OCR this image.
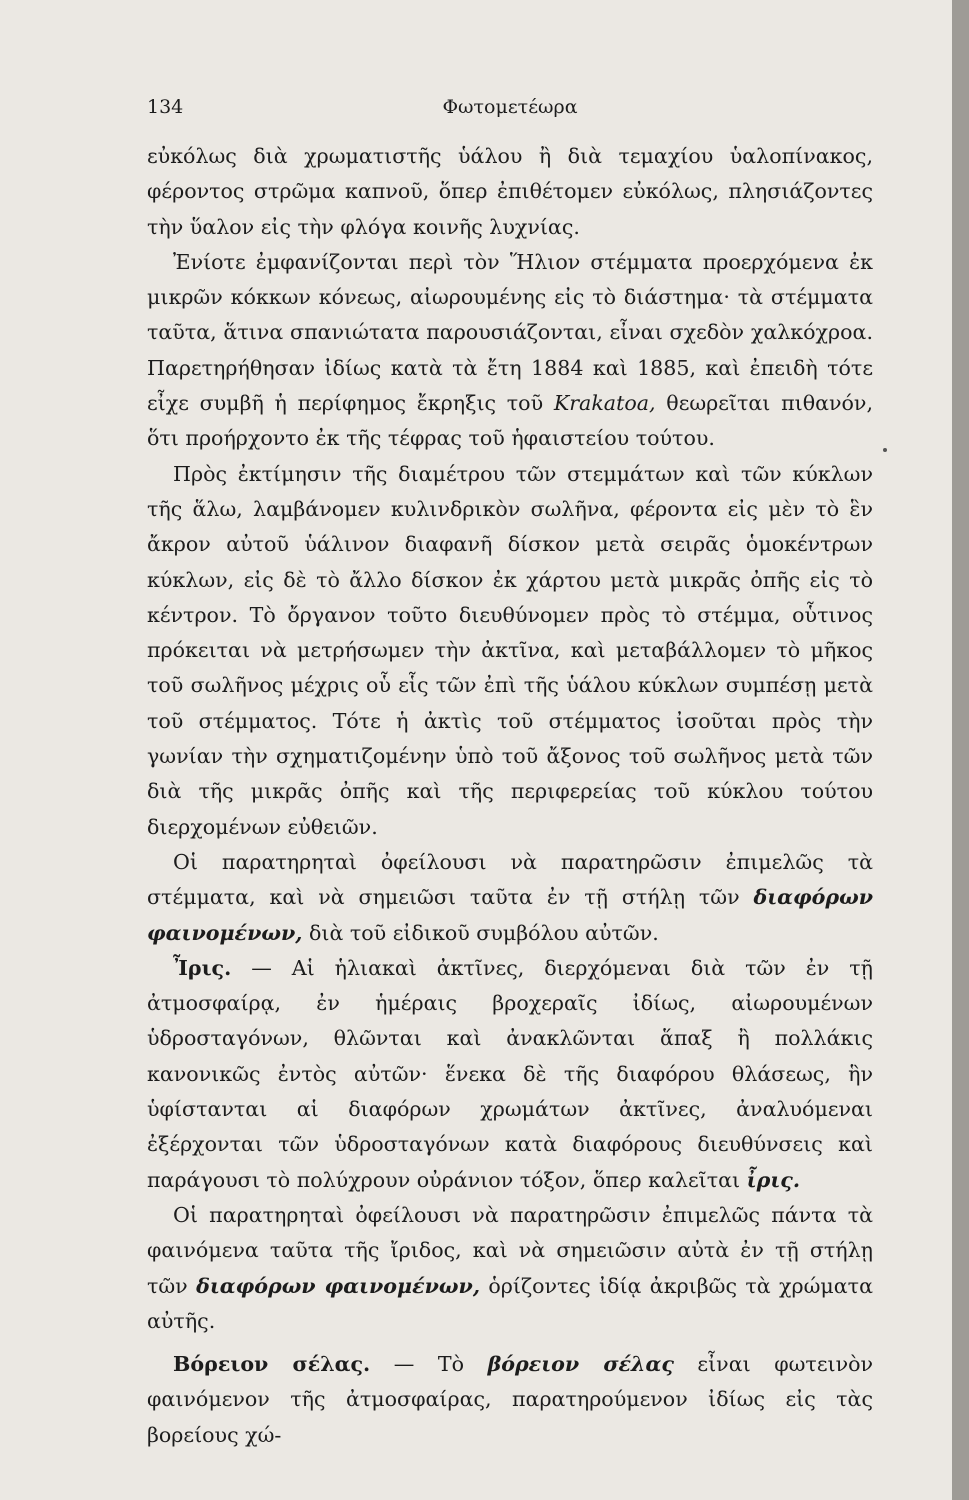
134	Φωτομετέωρα

εὐκόλως διὰ χρωματιστῆς ὑάλου ἢ διὰ τεμαχίου ὑαλοπίνακος, φέροντος στρῶμα καπνοῦ, ὅπερ ἐπιθέτομεν εὐκόλως, πλησιάζοντες τὴν ὕαλον εἰς τὴν φλόγα κοινῆς λυχνίας.

Ἐνίοτε ἐμφανίζονται περὶ τὸν Ἥλιον στέμματα προερχόμενα ἐκ μικρῶν κόκκων κόνεως, αἰωρουμένης εἰς τὸ διάστημα· τὰ στέμματα ταῦτα, ἅτινα σπανιώτατα παρουσιάζονται, εἶναι σχεδὸν χαλκόχροα. Παρετηρήθησαν ἰδίως κατὰ τὰ ἔτη 1884 καὶ 1885, καὶ ἐπειδὴ τότε εἶχε συμβῆ ἡ περίφημος ἔκρηξις τοῦ Krakatoa, θεωρεῖται πιθανόν, ὅτι προήρχοντο ἐκ τῆς τέφρας τοῦ ἡφαιστείου τούτου.

Πρὸς ἐκτίμησιν τῆς διαμέτρου τῶν στεμμάτων καὶ τῶν κύκλων τῆς ἅλω, λαμβάνομεν κυλινδρικὸν σωλῆνα, φέροντα εἰς μὲν τὸ ἓν ἄκρον αὐτοῦ ὑάλινον διαφανῆ δίσκον μετὰ σειρᾶς ὁμοκέντρων κύκλων, εἰς δὲ τὸ ἄλλο δίσκον ἐκ χάρτου μετὰ μικρᾶς ὀπῆς εἰς τὸ κέντρον. Τὸ ὄργανον τοῦτο διευθύνομεν πρὸς τὸ στέμμα, οὗτινος πρόκειται νὰ μετρήσωμεν τὴν ἀκτῖνα, καὶ μεταβάλλομεν τὸ μῆκος τοῦ σωλῆνος μέχρις οὗ εἷς τῶν ἐπὶ τῆς ὑάλου κύκλων συμπέσῃ μετὰ τοῦ στέμματος. Τότε ἡ ἀκτὶς τοῦ στέμματος ἰσοῦται πρὸς τὴν γωνίαν τὴν σχηματιζομένην ὑπὸ τοῦ ἄξονος τοῦ σωλῆνος μετὰ τῶν διὰ τῆς μικρᾶς ὀπῆς καὶ τῆς περιφερείας τοῦ κύκλου τούτου διερχομένων εὐθειῶν.

Οἱ παρατηρηταὶ ὀφείλουσι νὰ παρατηρῶσιν ἐπιμελῶς τὰ στέμματα, καὶ νὰ σημειῶσι ταῦτα ἐν τῇ στήλῃ τῶν διαφόρων φαινομένων, διὰ τοῦ εἰδικοῦ συμβόλου αὐτῶν.

Ἶρις. — Αἱ ἡλιακαὶ ἀκτῖνες, διερχόμεναι διὰ τῶν ἐν τῇ ἀτμοσφαίρᾳ, ἐν ἡμέραις βροχεραῖς ἰδίως, αἰωρουμένων ὑδροσταγόνων, θλῶνται καὶ ἀνακλῶνται ἅπαξ ἢ πολλάκις κανονικῶς ἐντὸς αὐτῶν· ἕνεκα δὲ τῆς διαφόρου θλάσεως, ἣν ὑφίστανται αἱ διαφόρων χρωμάτων ἀκτῖνες, ἀναλυόμεναι ἐξέρχονται τῶν ὑδροσταγόνων κατὰ διαφόρους διευθύνσεις καὶ παράγουσι τὸ πολύχρουν οὐράνιον τόξον, ὅπερ καλεῖται ἶρις.

Οἱ παρατηρηταὶ ὀφείλουσι νὰ παρατηρῶσιν ἐπιμελῶς πάντα τὰ φαινόμενα ταῦτα τῆς ἴριδος, καὶ νὰ σημειῶσιν αὐτὰ ἐν τῇ στήλῃ τῶν διαφόρων φαινομένων, ὁρίζοντες ἰδίᾳ ἀκριβῶς τὰ χρώματα αὐτῆς.

Βόρειον σέλας. — Τὸ βόρειον σέλας εἶναι φωτεινὸν φαινόμενον τῆς ἀτμοσφαίρας, παρατηρούμενον ἰδίως εἰς τὰς βορείους χώ-
